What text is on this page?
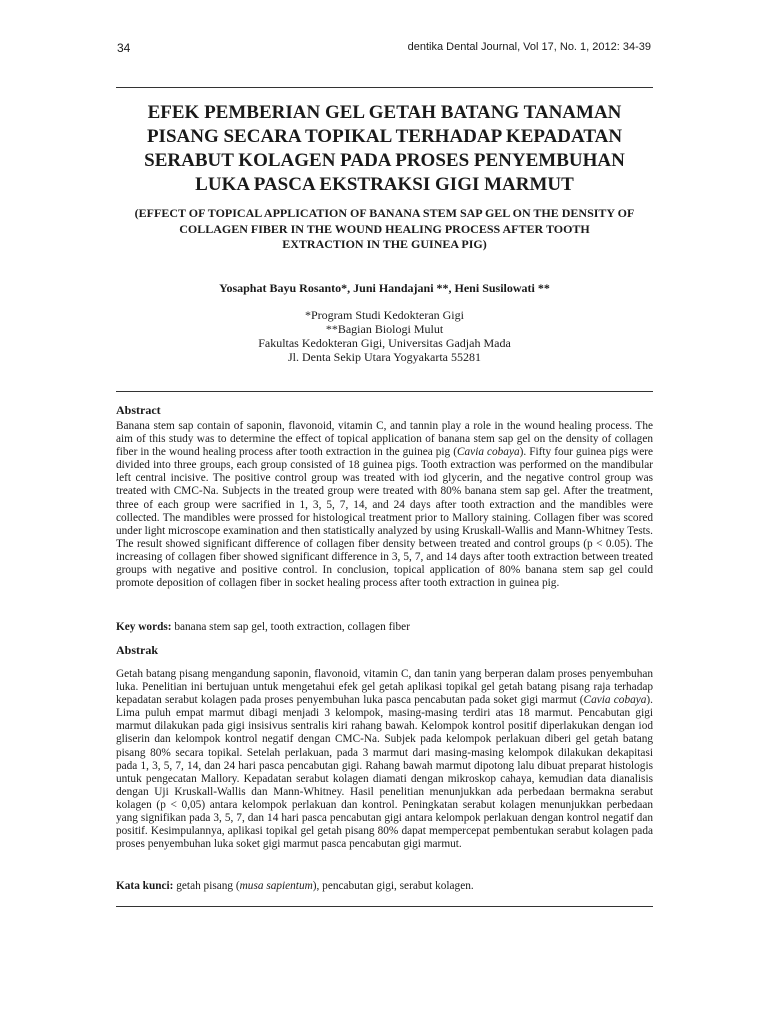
34	dentika Dental Journal, Vol 17, No. 1, 2012: 34-39
EFEK PEMBERIAN GEL GETAH BATANG TANAMAN
PISANG SECARA TOPIKAL TERHADAP KEPADATAN
SERABUT KOLAGEN PADA PROSES PENYEMBUHAN
LUKA PASCA EKSTRAKSI GIGI MARMUT
(EFFECT OF TOPICAL APPLICATION OF BANANA STEM SAP GEL ON THE DENSITY OF
COLLAGEN FIBER IN THE WOUND HEALING PROCESS AFTER TOOTH
EXTRACTION IN THE GUINEA PIG)
Yosaphat Bayu Rosanto*, Juni Handajani **, Heni Susilowati **
*Program Studi Kedokteran Gigi
**Bagian Biologi Mulut
Fakultas Kedokteran Gigi, Universitas Gadjah Mada
Jl. Denta Sekip Utara Yogyakarta 55281
Abstract

Banana stem sap contain of saponin, flavonoid, vitamin C, and tannin play a role in the wound healing process. The aim of this study was to determine the effect of topical application of banana stem sap gel on the density of collagen fiber in the wound healing process after tooth extraction in the guinea pig (Cavia cobaya). Fifty four guinea pigs were divided into three groups, each group consisted of 18 guinea pigs. Tooth extraction was performed on the mandibular left central incisive. The positive control group was treated with iod glycerin, and the negative control group was treated with CMC-Na. Subjects in the treated group were treated with 80% banana stem sap gel. After the treatment, three of each group were sacrified in 1, 3, 5, 7, 14, and 24 days after tooth extraction and the mandibles were collected. The mandibles were prossed for histological treatment prior to Mallory staining. Collagen fiber was scored under light microscope examination and then statistically analyzed by using Kruskall-Wallis and Mann-Whitney Tests. The result showed significant difference of collagen fiber density between treated and control groups (p < 0.05). The increasing of collagen fiber showed significant difference in 3, 5, 7, and 14 days after tooth extraction between treated groups with negative and positive control. In conclusion, topical application of 80% banana stem sap gel could promote deposition of collagen fiber in socket healing process after tooth extraction in guinea pig.

Key words: banana stem sap gel, tooth extraction, collagen fiber
Abstrak

Getah batang pisang mengandung saponin, flavonoid, vitamin C, dan tanin yang berperan dalam proses penyembuhan luka. Penelitian ini bertujuan untuk mengetahui efek gel getah aplikasi topikal gel getah batang pisang raja terhadap kepadatan serabut kolagen pada proses penyembuhan luka pasca pencabutan pada soket gigi marmut (Cavia cobaya). Lima puluh empat marmut dibagi menjadi 3 kelompok, masing-masing terdiri atas 18 marmut. Pencabutan gigi marmut dilakukan pada gigi insisivus sentralis kiri rahang bawah. Kelompok kontrol positif diperlakukan dengan iod gliserin dan kelompok kontrol negatif dengan CMC-Na. Subjek pada kelompok perlakuan diberi gel getah batang pisang 80% secara topikal. Setelah perlakuan, pada 3 marmut dari masing-masing kelompok dilakukan dekapitasi pada 1, 3, 5, 7, 14, dan 24 hari pasca pencabutan gigi. Rahang bawah marmut dipotong lalu dibuat preparat histologis untuk pengecatan Mallory. Kepadatan serabut kolagen diamati dengan mikroskop cahaya, kemudian data dianalisis dengan Uji Kruskall-Wallis dan Mann-Whitney. Hasil penelitian menunjukkan ada perbedaan bermakna serabut kolagen (p < 0,05) antara kelompok perlakuan dan kontrol. Peningkatan serabut kolagen menunjukkan perbedaan yang signifikan pada 3, 5, 7, dan 14 hari pasca pencabutan gigi antara kelompok perlakuan dengan kontrol negatif dan positif. Kesimpulannya, aplikasi topikal gel getah pisang 80% dapat mempercepat pembentukan serabut kolagen pada proses penyembuhan luka soket gigi marmut pasca pencabutan gigi marmut.

Kata kunci: getah pisang (musa sapientum), pencabutan gigi, serabut kolagen.
